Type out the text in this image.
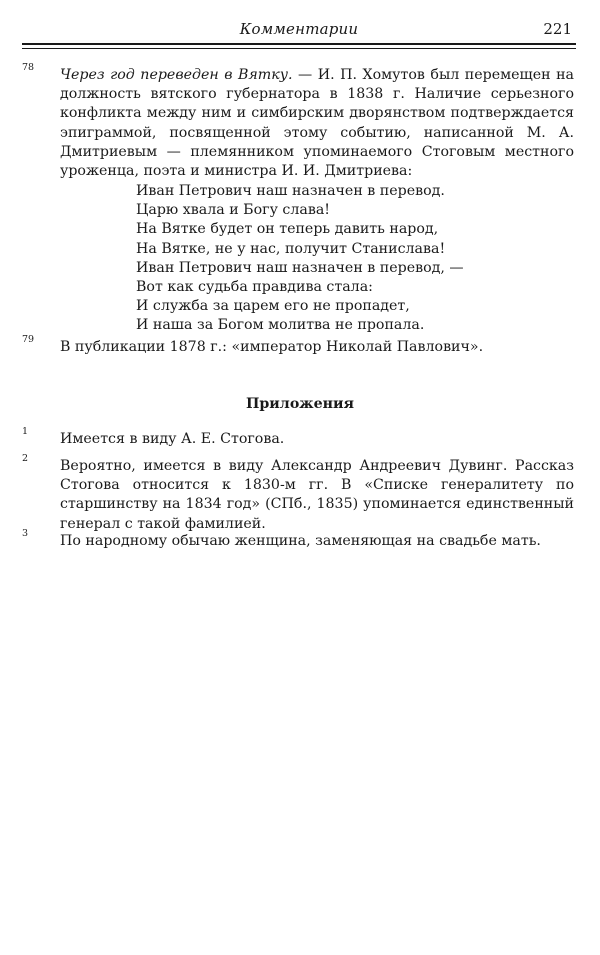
Комментарии	221
78 Через год переведен в Вятку. — И. П. Хомутов был перемещен на должность вятского губернатора в 1838 г. Наличие серьезного конфликта между ним и симбирским дворянством подтверждается эпиграммой, посвященной этому событию, написанной М. А. Дмитриевым — племянником упоминаемого Стоговым местного уроженца, поэта и министра И. И. Дмитриева:
Иван Петрович наш назначен в перевод.
Царю хвала и Богу слава!
На Вятке будет он теперь давить народ,
На Вятке, не у нас, получит Станислава!
Иван Петрович наш назначен в перевод, —
Вот как судьба правдива стала:
И служба за царем его не пропадет,
И наша за Богом молитва не пропала.
79 В публикации 1878 г.: «император Николай Павлович».
Приложения
1 Имеется в виду А. Е. Стогова.
2 Вероятно, имеется в виду Александр Андреевич Дувинг. Рассказ Стогова относится к 1830-м гг. В «Списке генералитету по старшинству на 1834 год» (СПб., 1835) упоминается единственный генерал с такой фамилией.
3 По народному обычаю женщина, заменяющая на свадьбе мать.
